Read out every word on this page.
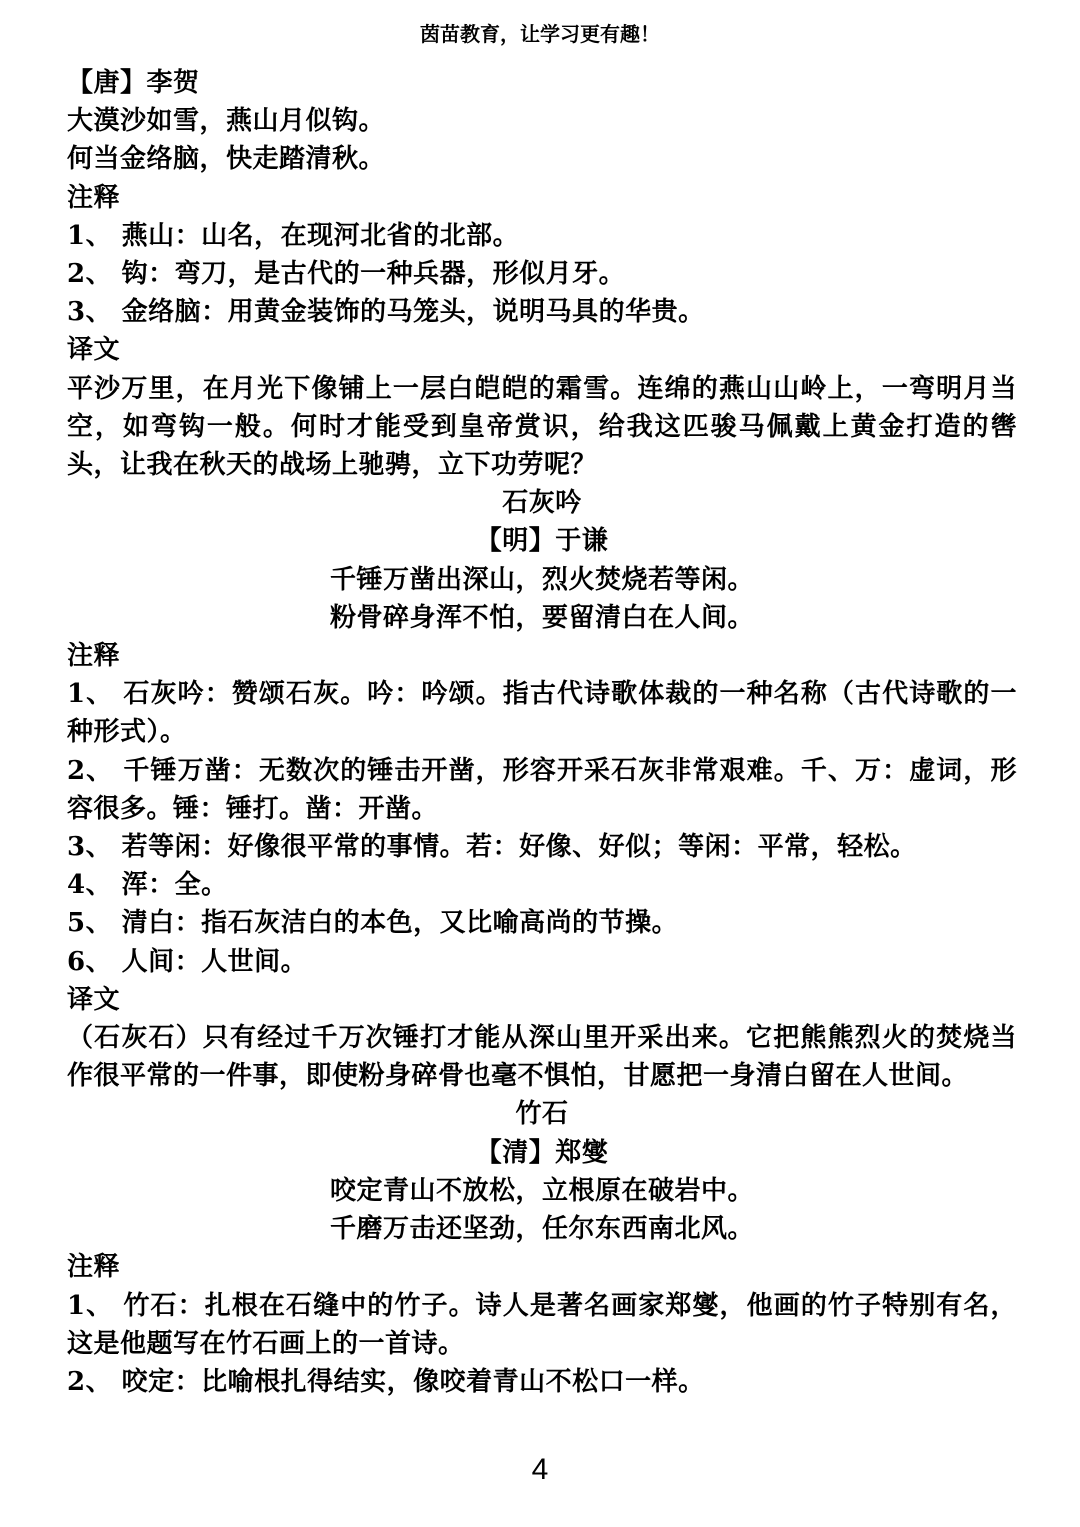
茵苗教育，让学习更有趣！
【唐】李贺
大漠沙如雪，燕山月似钩。
何当金络脑，快走踏清秋。
注释
1、 燕山：山名，在现河北省的北部。
2、 钩：弯刀，是古代的一种兵器，形似月牙。
3、 金络脑：用黄金装饰的马笼头，说明马具的华贵。
译文
平沙万里，在月光下像铺上一层白皑皑的霜雪。连绵的燕山山岭上，一弯明月当空，如弯钩一般。何时才能受到皇帝赏识，给我这匹骏马佩戴上黄金打造的辔头，让我在秋天的战场上驰骋，立下功劳呢？
石灰吟
【明】于谦
千锤万凿出深山，烈火焚烧若等闲。
粉骨碎身浑不怕，要留清白在人间。
注释
1、 石灰吟：赞颂石灰。吟：吟颂。指古代诗歌体裁的一种名称（古代诗歌的一种形式）。
2、 千锤万凿：无数次的锤击开凿，形容开采石灰非常艰难。千、万：虚词，形容很多。锤：锤打。凿：开凿。
3、 若等闲：好像很平常的事情。若：好像、好似；等闲：平常，轻松。
4、 浑：全。
5、 清白：指石灰洁白的本色，又比喻高尚的节操。
6、 人间：人世间。
译文
（石灰石）只有经过千万次锤打才能从深山里开采出来。它把熊熊烈火的焚烧当作很平常的一件事，即使粉身碎骨也毫不惧怕，甘愿把一身清白留在人世间。
竹石
【清】郑燮
咬定青山不放松，立根原在破岩中。
千磨万击还坚劲，任尔东西南北风。
注释
1、 竹石：扎根在石缝中的竹子。诗人是著名画家郑燮，他画的竹子特别有名，这是他题写在竹石画上的一首诗。
2、 咬定：比喻根扎得结实，像咬着青山不松口一样。
4
